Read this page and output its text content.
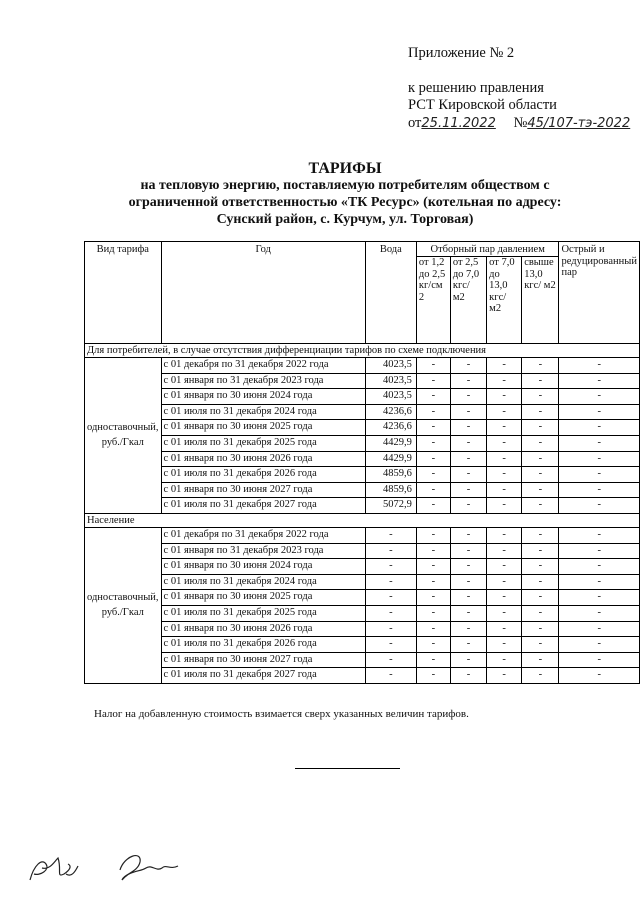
Приложение № 2
к решению правления
РСТ Кировской области
от25.11.2022 №45/107-тэ-2022
ТАРИФЫ
на тепловую энергию, поставляемую потребителям обществом с
ограниченной ответственностью «ТК Ресурс» (котельная по адресу:
Сунский район, с. Курчум, ул. Торговая)
Вид тарифа	Год	Вода	Отборный пар давлением				Острый и редуцированный пар
			от 1,2 до 2,5 кг/см 2	от 2,5 до 7,0 кгс/ м2	от 7,0 до 13,0 кгс/ м2	свыше 13,0 кгс/ м2	
Для потребителей, в случае отсутствия дифференциации тарифов по схеме подключения							
одноставочный, руб./Гкал	с 01 декабря по 31 декабря 2022 года	4023,5	-	-	-	-	-
	с 01 января по 31 декабря 2023 года	4023,5	-	-	-	-	-
	с 01 января по 30 июня 2024 года	4023,5	-	-	-	-	-
	с 01 июля по 31 декабря 2024 года	4236,6	-	-	-	-	-
	с 01 января по 30 июня 2025 года	4236,6	-	-	-	-	-
	с 01 июля по 31 декабря 2025 года	4429,9	-	-	-	-	-
	с 01 января по 30 июня 2026 года	4429,9	-	-	-	-	-
	с 01 июля по 31 декабря 2026 года	4859,6	-	-	-	-	-
	с 01 января по 30 июня 2027 года	4859,6	-	-	-	-	-
	с 01 июля по 31 декабря 2027 года	5072,9	-	-	-	-	-
Население							
одноставочный, руб./Гкал	с 01 декабря по 31 декабря 2022 года	-	-	-	-	-	-
	с 01 января по 31 декабря 2023 года	-	-	-	-	-	-
	с 01 января по 30 июня 2024 года	-	-	-	-	-	-
	с 01 июля по 31 декабря 2024 года	-	-	-	-	-	-
	с 01 января по 30 июня 2025 года	-	-	-	-	-	-
	с 01 июля по 31 декабря 2025 года	-	-	-	-	-	-
	с 01 января по 30 июня 2026 года	-	-	-	-	-	-
	с 01 июля по 31 декабря 2026 года	-	-	-	-	-	-
	с 01 января по 30 июня 2027 года	-	-	-	-	-	-
	с 01 июля по 31 декабря 2027 года	-	-	-	-	-	-
Налог на добавленную стоимость взимается сверх указанных величин тарифов.
